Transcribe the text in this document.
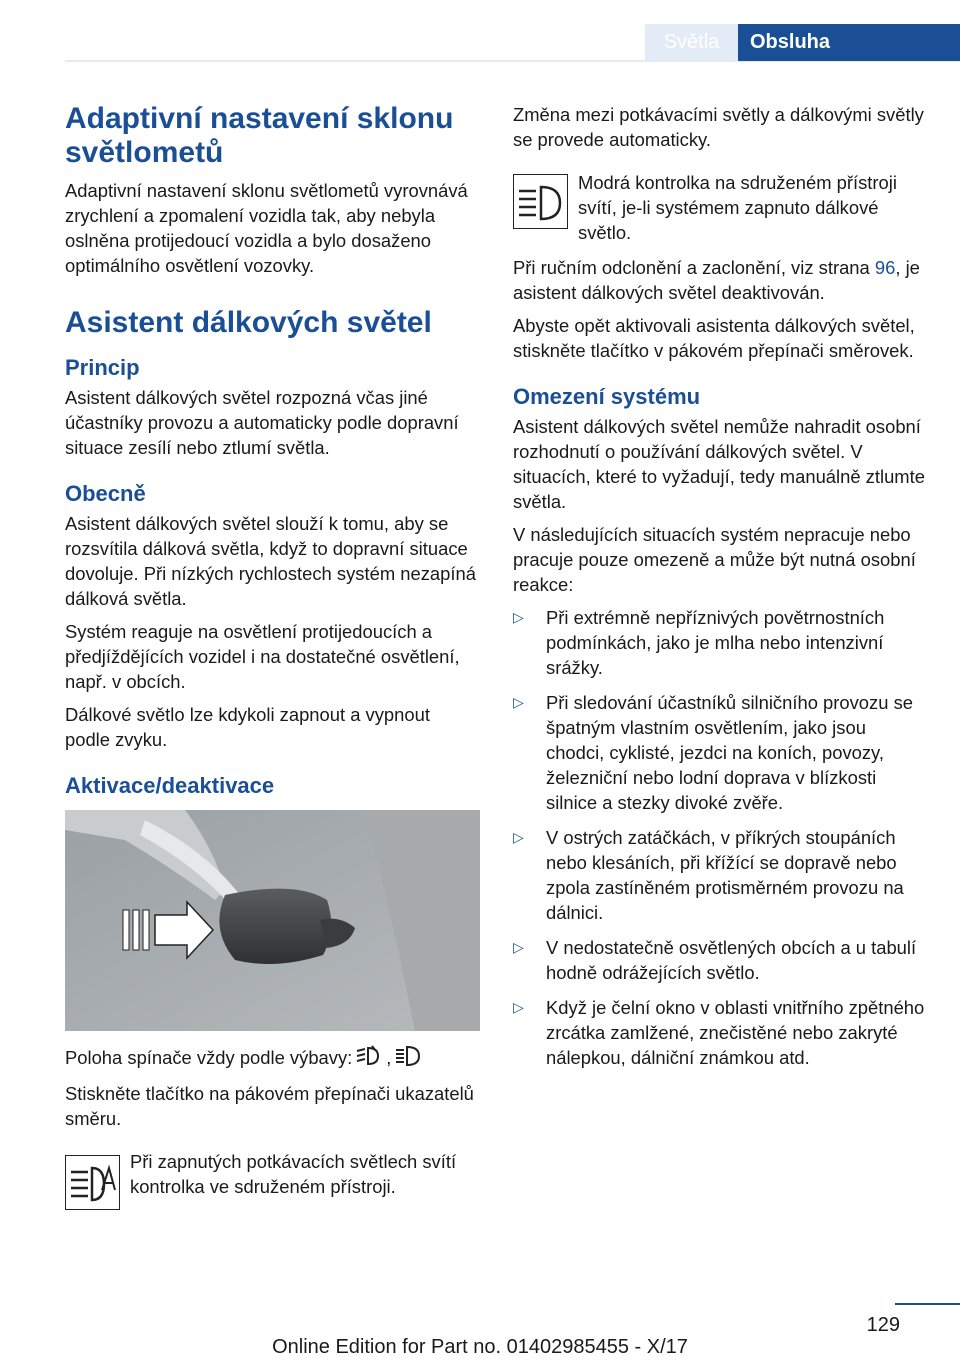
Světla	Obsluha
Adaptivní nastavení sklonu světlometů

Adaptivní nastavení sklonu světlometů vyrovnává zrychlení a zpomalení vozidla tak, aby nebyla oslněna protijedoucí vozidla a bylo dosaženo optimálního osvětlení vozovky.

Asistent dálkových světel
Princip

Asistent dálkových světel rozpozná včas jiné účastníky provozu a automaticky podle dopravní situace zesílí nebo ztlumí světla.

Obecně

Asistent dálkových světel slouží k tomu, aby se rozsvítila dálková světla, když to dopravní situace dovoluje. Při nízkých rychlostech systém nezapíná dálková světla.

Systém reaguje na osvětlení protijedoucích a předjíždějících vozidel i na dostatečné osvětlení, např. v obcích.

Dálkové světlo lze kdykoli zapnout a vypnout podle zvyku.

Aktivace/deaktivace

Poloha spínače vždy podle výbavy: ,

Stiskněte tlačítko na pákovém přepínači ukazatelů směru.

Při zapnutých potkávacích světlech svítí kontrolka ve sdruženém přístroji.

Změna mezi potkávacími světly a dálkovými světly se provede automaticky.

Modrá kontrolka na sdruženém přístroji svítí, je-li systémem zapnuto dálkové světlo.

Při ručním odclonění a zaclonění, viz strana 96, je asistent dálkových světel deaktivován.

Abyste opět aktivovali asistenta dálkových světel, stiskněte tlačítko v pákovém přepínači směrovek.

Omezení systému

Asistent dálkových světel nemůže nahradit osobní rozhodnutí o používání dálkových světel. V situacích, které to vyžadují, tedy manuálně ztlumte světla.

V následujících situacích systém nepracuje nebo pracuje pouze omezeně a může být nutná osobní reakce:

▷ Při extrémně nepříznivých povětrnostních podmínkách, jako je mlha nebo intenzivní srážky.
▷ Při sledování účastníků silničního provozu se špatným vlastním osvětlením, jako jsou chodci, cyklisté, jezdci na koních, povozy, železniční nebo lodní doprava v blízkosti silnice a stezky divoké zvěře.
▷ V ostrých zatáčkách, v příkrých stoupáních nebo klesáních, při křížící se dopravě nebo zpola zastíněném protisměrném provozu na dálnici.
▷ V nedostatečně osvětlených obcích a u tabulí hodně odrážejících světlo.
▷ Když je čelní okno v oblasti vnitřního zpětného zrcátka zamlžené, znečistěné nebo zakryté nálepkou, dálniční známkou atd.
129
Online Edition for Part no. 01402985455 - X/17
